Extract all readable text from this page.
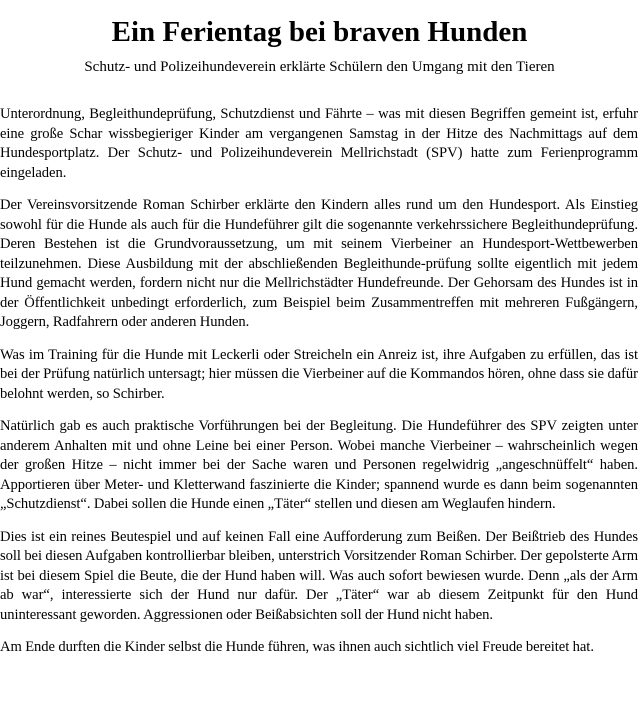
Ein Ferientag bei braven Hunden
Schutz- und Polizeihundeverein erklärte Schülern den Umgang mit den Tieren

Unterordnung, Begleithundeprüfung, Schutzdienst und Fährte – was mit diesen Begriffen gemeint ist, erfuhr eine große Schar wissbegieriger Kinder am vergangenen Samstag in der Hitze des Nachmittags auf dem Hundesportplatz. Der Schutz- und Polizeihundeverein Mellrichstadt (SPV) hatte zum Ferienprogramm eingeladen.

Der Vereinsvorsitzende Roman Schirber erklärte den Kindern alles rund um den Hundesport. Als Einstieg sowohl für die Hunde als auch für die Hundeführer gilt die sogenannte verkehrssichere Begleithundeprüfung. Deren Bestehen ist die Grundvoraussetzung, um mit seinem Vierbeiner an Hundesport-Wettbewerben teilzunehmen. Diese Ausbildung mit der abschließenden Begleithunde-prüfung sollte eigentlich mit jedem Hund gemacht werden, fordern nicht nur die Mellrichstädter Hundefreunde. Der Gehorsam des Hundes ist in der Öffentlichkeit unbedingt erforderlich, zum Beispiel beim Zusammentreffen mit mehreren Fußgängern, Joggern, Radfahrern oder anderen Hunden.

Was im Training für die Hunde mit Leckerli oder Streicheln ein Anreiz ist, ihre Aufgaben zu erfüllen, das ist bei der Prüfung natürlich untersagt; hier müssen die Vierbeiner auf die Kommandos hören, ohne dass sie dafür belohnt werden, so Schirber.

Natürlich gab es auch praktische Vorführungen bei der Begleitung. Die Hundeführer des SPV zeigten unter anderem Anhalten mit und ohne Leine bei einer Person. Wobei manche Vierbeiner – wahrscheinlich wegen der großen Hitze – nicht immer bei der Sache waren und Personen regelwidrig „angeschnüffelt“ haben. Apportieren über Meter- und Kletterwand faszinierte die Kinder; spannend wurde es dann beim sogenannten „Schutzdienst“. Dabei sollen die Hunde einen „Täter“ stellen und diesen am Weglaufen hindern.

Dies ist ein reines Beutespiel und auf keinen Fall eine Aufforderung zum Beißen. Der Beißtrieb des Hundes soll bei diesen Aufgaben kontrollierbar bleiben, unterstrich Vorsitzender Roman Schirber. Der gepolsterte Arm ist bei diesem Spiel die Beute, die der Hund haben will. Was auch sofort bewiesen wurde. Denn „als der Arm ab war“, interessierte sich der Hund nur dafür. Der „Täter“ war ab diesem Zeitpunkt für den Hund uninteressant geworden. Aggressionen oder Beißabsichten soll der Hund nicht haben.

Am Ende durften die Kinder selbst die Hunde führen, was ihnen auch sichtlich viel Freude bereitet hat.
